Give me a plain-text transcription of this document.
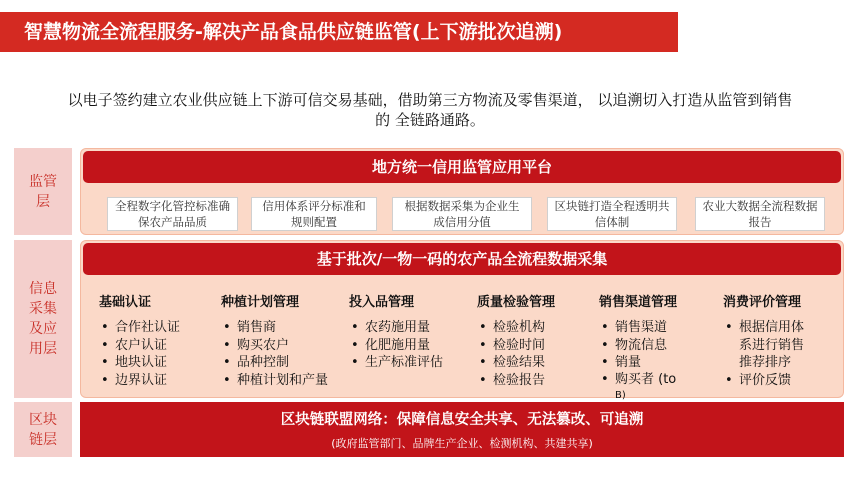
智慧物流全流程服务-解决产品食品供应链监管(上下游批次追溯)
以电子签约建立农业供应链上下游可信交易基础，借助第三方物流及零售渠道， 以追溯切入打造从监管到销售
的 全链路通路。
监管层
信息采集及应用层
区块链层
地方统一信用监管应用平台
全程数字化管控标准确保农产品品质
信用体系评分标准和规则配置
根据数据采集为企业生成信用分值
区块链打造全程透明共信体制
农业大数据全流程数据报告
基于批次/一物一码的农产品全流程数据采集
基础认证
• 合作社认证
• 农户认证
• 地块认证
• 边界认证
种植计划管理
• 销售商
• 购买农户
• 品种控制
• 种植计划和产量
投入品管理
• 农药施用量
• 化肥施用量
• 生产标准评估
质量检验管理
• 检验机构
• 检验时间
• 检验结果
• 检验报告
销售渠道管理
• 销售渠道
• 物流信息
• 销量
• 购买者 (to
B)
消费评价管理
• 根据信用体
系进行销售
推荐排序
• 评价反馈
区块链联盟网络：保障信息安全共享、无法篡改、可追溯
(政府监管部门、品牌生产企业、检测机构、共建共享)
